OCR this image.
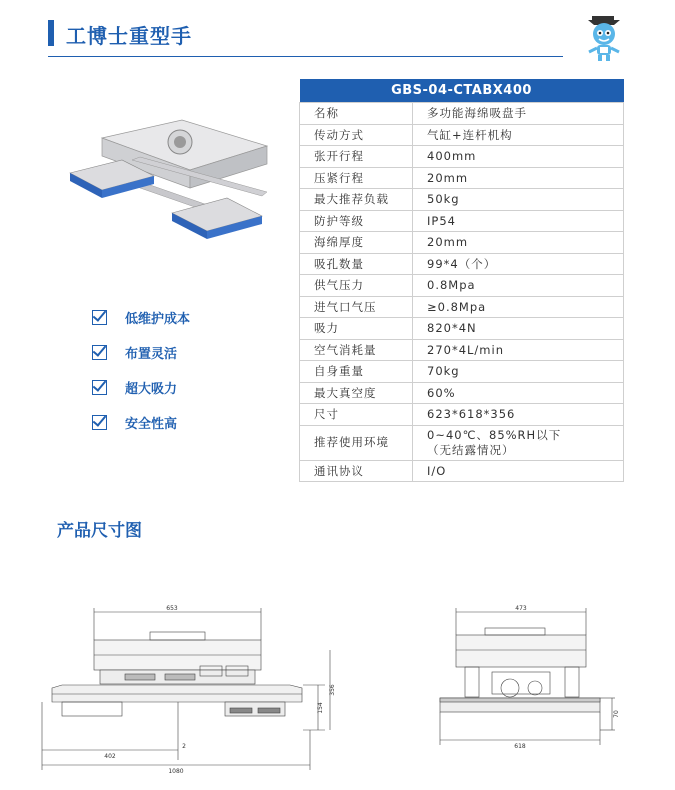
工博士重型手
低维护成本
布置灵活
超大吸力
安全性高
GBS-04-CTABX400	
名称	多功能海绵吸盘手
传动方式	气缸+连杆机构
张开行程	400mm
压紧行程	20mm
最大推荐负载	50kg
防护等级	IP54
海绵厚度	20mm
吸孔数量	99*4（个）
供气压力	0.8Mpa
进气口气压	≥0.8Mpa
吸力	820*4N
空气消耗量	270*4L/min
自身重量	70kg
最大真空度	60%
尺寸	623*618*356
推荐使用环境	0~40℃、85%RH以下
（无结露情况）

通讯协议	I/O
产品尺寸图
653
356
154
402
2
1080
473
70
618
